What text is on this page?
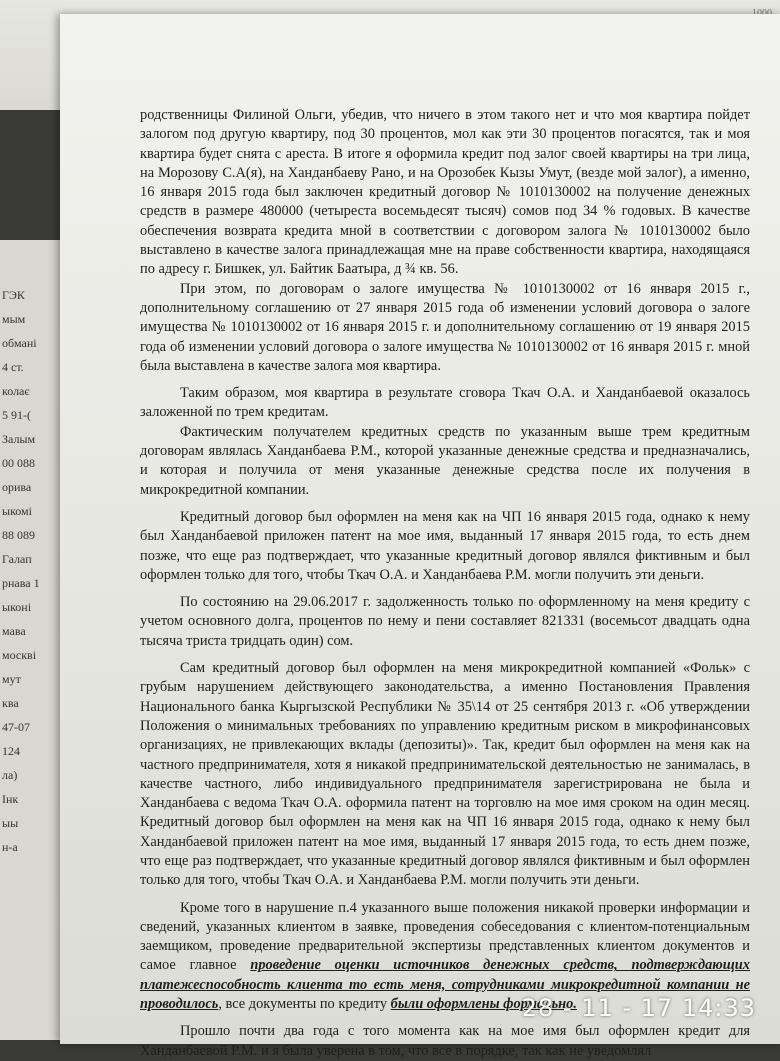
ГЭК
мым
обмані
4 ст.
колає
5 91-(
Залым
00 088
орива
ыкомі
88 089
Галап
рнава 1
ыконі
мава
москві
мут
ква
47-07
124
ла)
Інк
ыы
н-а

родственницы Филиной Ольги, убедив, что ничего в этом такого нет и что моя квартира пойдет залогом под другую квартиру, под 30 процентов, мол как эти 30 процентов погасятся, так и моя квартира будет снята с ареста. В итоге я оформила кредит под залог своей квартиры на три лица, на Морозову С.А(я), на Ханданбаеву Рано, и на Орозобек Кызы Умут, (везде мой залог), а именно, 16 января 2015 года был заключен кредитный договор № 1010130002 на получение денежных средств в размере 480000 (четыреста восемьдесят тысяч) сомов под 34 % годовых. В качестве обеспечения возврата кредита мной в соответствии с договором залога № 1010130002 было выставлено в качестве залога принадлежащая мне на праве собственности квартира, находящаяся по адресу г. Бишкек, ул. Байтик Баатыра, д ¾ кв. 56.

При этом, по договорам о залоге имущества № 1010130002 от 16 января 2015 г., дополнительному соглашению от 27 января 2015 года об изменении условий договора о залоге имущества № 1010130002 от 16 января 2015 г. и дополнительному соглашению от 19 января 2015 года об изменении условий договора о залоге имущества № 1010130002 от 16 января 2015 г. мной была выставлена в качестве залога моя квартира.

Таким образом, моя квартира в результате сговора Ткач О.А. и Ханданбаевой оказалось заложенной по трем кредитам.

Фактическим получателем кредитных средств по указанным выше трем кредитным договорам являлась Ханданбаева Р.М., которой указанные денежные средства и предназначались, и которая и получила от меня указанные денежные средства после их получения в микрокредитной компании.

Кредитный договор был оформлен на меня как на ЧП 16 января 2015 года, однако к нему был Ханданбаевой приложен патент на мое имя, выданный 17 января 2015 года, то есть днем позже, что еще раз подтверждает, что указанные кредитный договор являлся фиктивным и был оформлен только для того, чтобы Ткач О.А. и Ханданбаева Р.М. могли получить эти деньги.

По состоянию на 29.06.2017 г. задолженность только по оформленному на меня кредиту с учетом основного долга, процентов по нему и пени составляет 821331 (восемьсот двадцать одна тысяча триста тридцать один) сом.

Сам кредитный договор был оформлен на меня микрокредитной компанией «Фольк» с грубым нарушением действующего законодательства, а именно Постановления Правления Национального банка Кыргызской Республики № 35\14 от 25 сентября 2013 г. «Об утверждении Положения о минимальных требованиях по управлению кредитным риском в микрофинансовых организациях, не привлекающих вклады (депозиты)». Так, кредит был оформлен на меня как на частного предпринимателя, хотя я никакой предпринимательской деятельностью не занималась, в качестве частного, либо индивидуального предпринимателя зарегистрирована не была и Ханданбаева с ведома Ткач О.А. оформила патент на торговлю на мое имя сроком на один месяц. Кредитный договор был оформлен на меня как на ЧП 16 января 2015 года, однако к нему был Ханданбаевой приложен патент на мое имя, выданный 17 января 2015 года, то есть днем позже, что еще раз подтверждает, что указанные кредитный договор являлся фиктивным и был оформлен только для того, чтобы Ткач О.А. и Ханданбаева Р.М. могли получить эти деньги.

Кроме того в нарушение п.4 указанного выше положения никакой проверки информации и сведений, указанных клиентом в заявке, проведения собеседования с клиентом-потенциальным заемщиком, проведение предварительной экспертизы представленных клиентом документов и самое главное проведение оценки источников денежных средств, подтверждающих платежеспособность клиента то есть меня, сотрудниками микрокредитной компании не проводилось, все документы по кредиту были оформлены формально.

Прошло почти два года с того момента как на мое имя был оформлен кредит для Ханданбаевой Р.М. и я была уверена в том, что все в порядке, так как не уведомлял

28 - 11 - 17 14:33
